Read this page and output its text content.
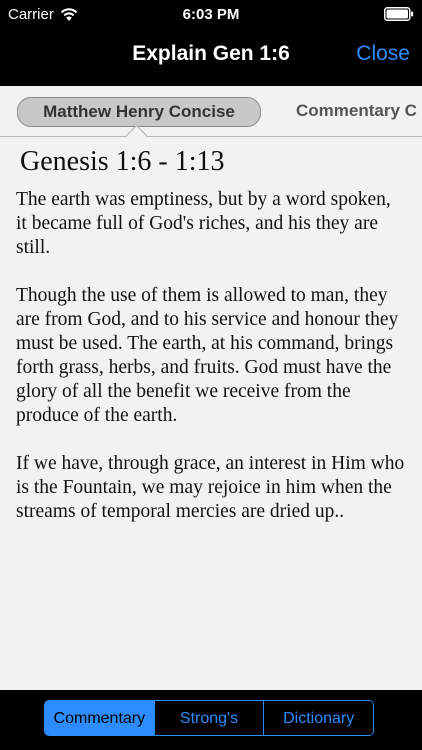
Carrier	6:03 PM
Explain Gen 1:6	Close
Matthew Henry Concise	Commentary C
Genesis 1:6 - 1:13

The earth was emptiness, but by a word spoken, it became full of God's riches, and his they are still.

Though the use of them is allowed to man, they are from God, and to his service and honour they must be used. The earth, at his command, brings forth grass, herbs, and fruits. God must have the glory of all the benefit we receive from the produce of the earth.

If we have, through grace, an interest in Him who is the Fountain, we may rejoice in him when the streams of temporal mercies are dried up..

Commentary	Strong's	Dictionary
